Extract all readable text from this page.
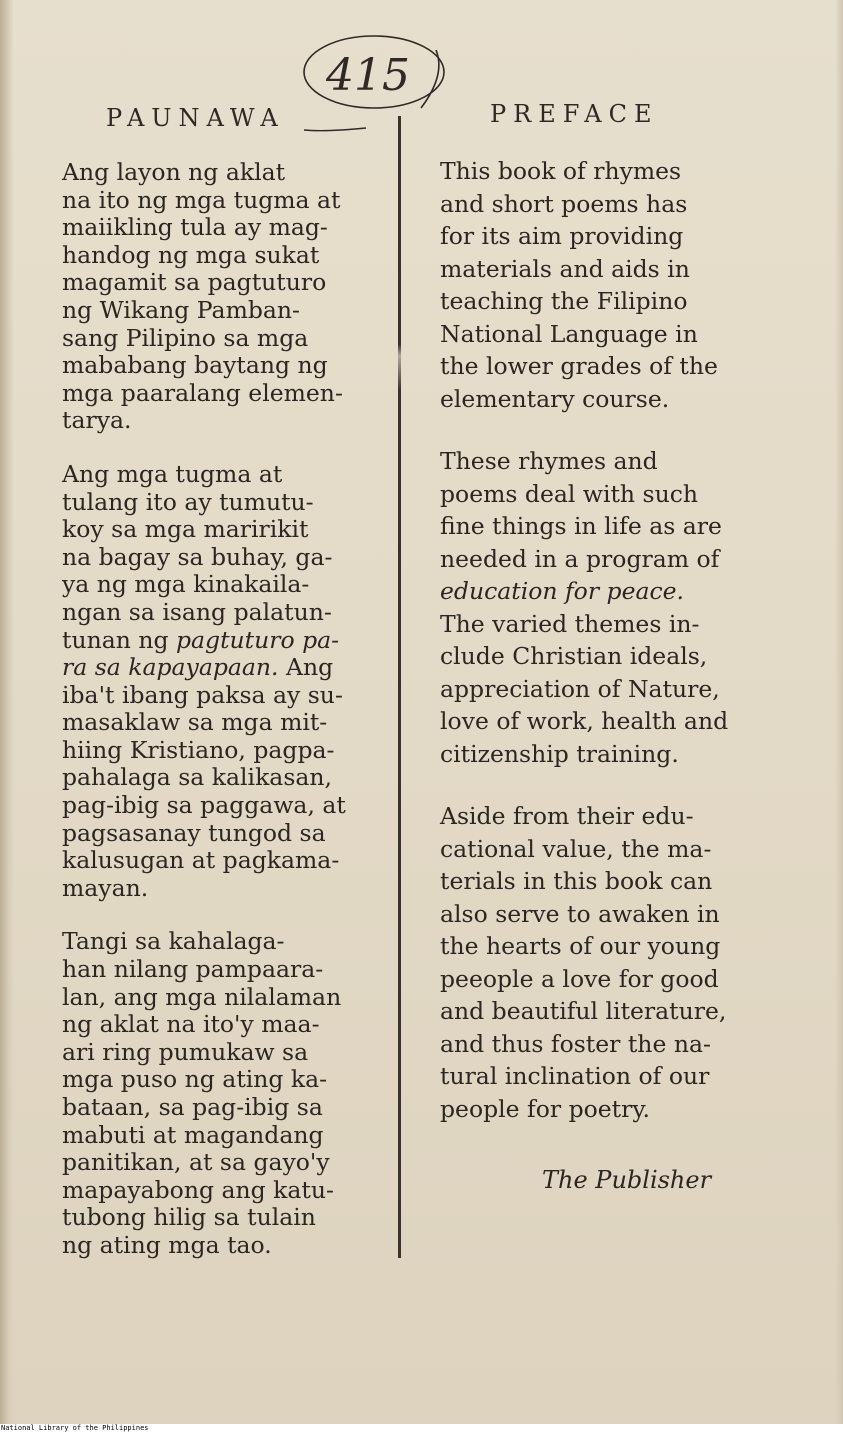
415
PAUNAWA

Ang layon ng aklat
na ito ng mga tugma at
maiikling tula ay mag-
handog ng mga sukat
magamit sa pagtuturo
ng Wikang Pamban-
sang Pilipino sa mga
mababang baytang ng
mga paaralang elemen-
tarya.

Ang mga tugma at
tulang ito ay tumutu-
koy sa mga maririkit
na bagay sa buhay, ga-
ya ng mga kinakaila-
ngan sa isang palatun-
tunan ng pagtuturo pa-
ra sa kapayapaan. Ang
iba't ibang paksa ay su-
masaklaw sa mga mit-
hiing Kristiano, pagpa-
pahalaga sa kalikasan,
pag-ibig sa paggawa, at
pagsasanay tungod sa
kalusugan at pagkama-
mayan.

Tangi sa kahalaga-
han nilang pampaara-
lan, ang mga nilalaman
ng aklat na ito'y maa-
ari ring pumukaw sa
mga puso ng ating ka-
bataan, sa pag-ibig sa
mabuti at magandang
panitikan, at sa gayo'y
mapayabong ang katu-
tubong hilig sa tulain
ng ating mga tao.

PREFACE

This book of rhymes
and short poems has
for its aim providing
materials and aids in
teaching the Filipino
National Language in
the lower grades of the
elementary course.

These rhymes and
poems deal with such
fine things in life as are
needed in a program of
education for peace.
The varied themes in-
clude Christian ideals,
appreciation of Nature,
love of work, health and
citizenship training.

Aside from their edu-
cational value, the ma-
terials in this book can
also serve to awaken in
the hearts of our young
peeople a love for good
and beautiful literature,
and thus foster the na-
tural inclination of our
people for poetry.

The Publisher
National Library of the Philippines
